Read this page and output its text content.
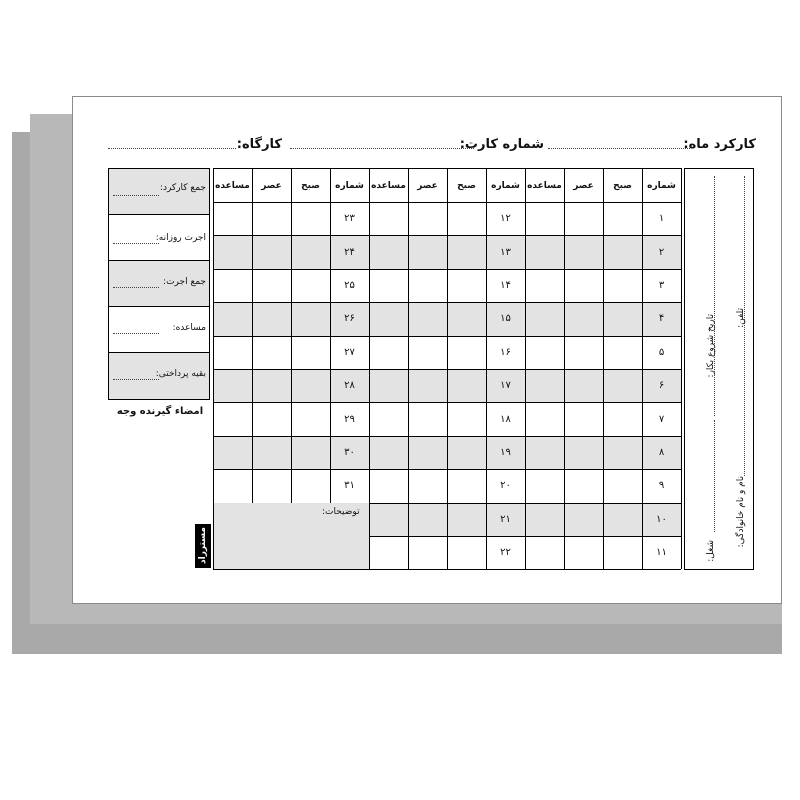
کارکرد ماه:
شماره کارت:
کارگاه:
جمع کارکرد:
اجرت روزانه:
جمع اجرت:
مساعده:
بقیه پرداختی:
امضاء گیرنده وجه
توضیحات:
شماره
صبح
عصر
مساعده
۱
۲
۳
۴
۵
۶
۷
۸
۹
۱۰
۱۱
شماره
صبح
عصر
مساعده
۱۲
۱۳
۱۴
۱۵
۱۶
۱۷
۱۸
۱۹
۲۰
۲۱
۲۲
شماره
صبح
عصر
مساعده
۲۳
۲۴
۲۵
۲۶
۲۷
۲۸
۲۹
۳۰
۳۱
مسترراد
تلفن:
تاریخ شروع بکار:
نام و نام خانوادگی:
شغل:
